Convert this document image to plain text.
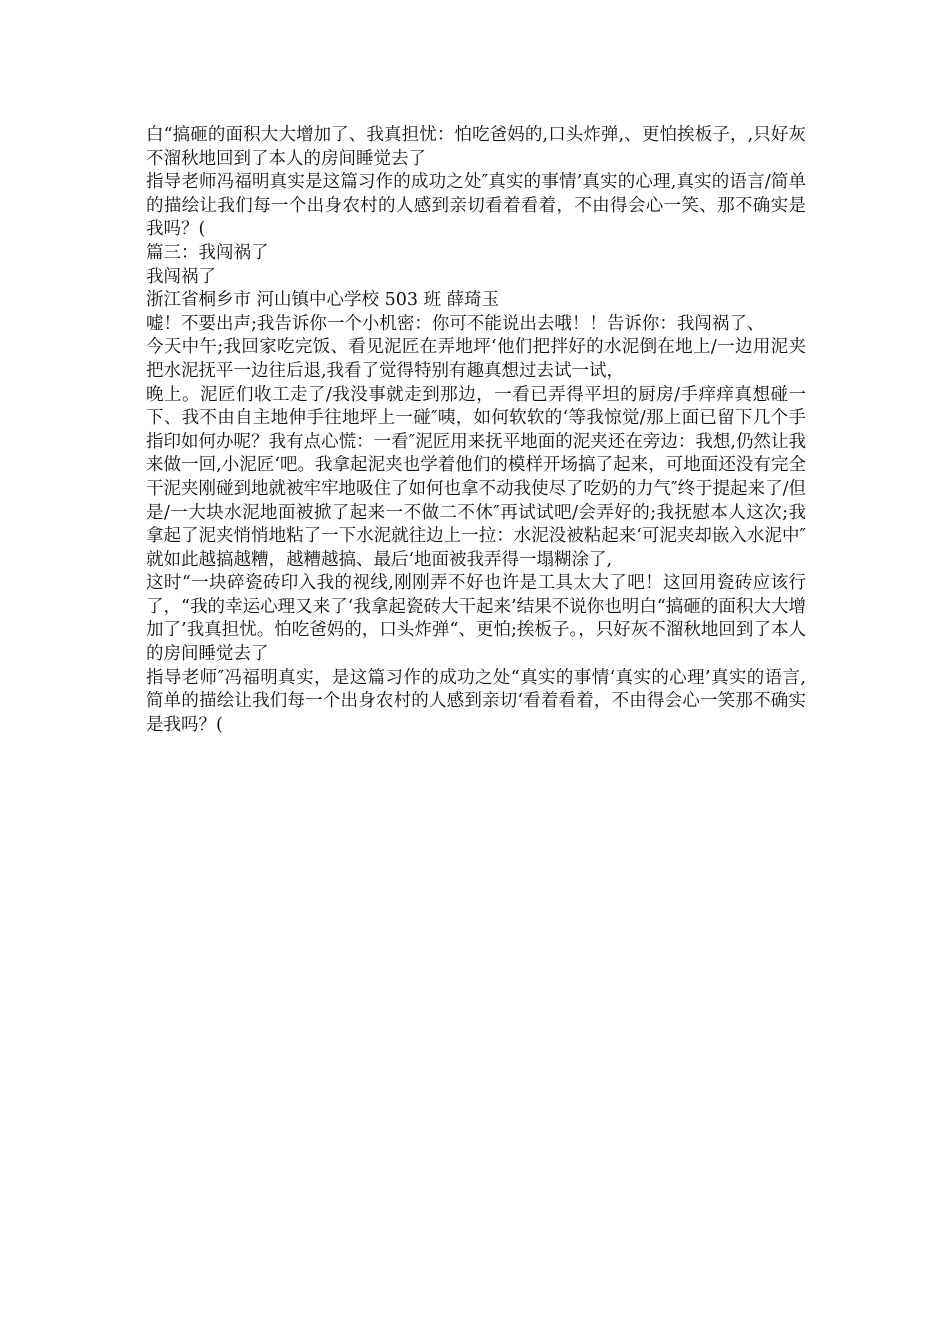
白“搞砸的面积大大增加了、我真担忧：怕吃爸妈的,口头炸弹,、更怕挨板子，,只好灰不溜秋地回到了本人的房间睡觉去了

指导老师冯福明真实是这篇习作的成功之处″真实的事情’真实的心理,真实的语言/简单的描绘让我们每一个出身农村的人感到亲切看着看着，不由得会心一笑、那不确实是我吗？(

篇三：我闯祸了

我闯祸了

浙江省桐乡市 河山镇中心学校 503 班 薛琦玉

嘘！不要出声;我告诉你一个小机密：你可不能说出去哦！！告诉你：我闯祸了、

今天中午;我回家吃完饭、看见泥匠在弄地坪‘他们把拌好的水泥倒在地上/一边用泥夹把水泥抚平一边往后退,我看了觉得特别有趣真想过去试一试，

晚上。泥匠们收工走了/我没事就走到那边，一看已弄得平坦的厨房/手痒痒真想碰一下、我不由自主地伸手往地坪上一碰″咦，如何软软的‘等我惊觉/那上面已留下几个手指印如何办呢？我有点心慌：一看″泥匠用来抚平地面的泥夹还在旁边：我想,仍然让我来做一回,小泥匠‘吧。我拿起泥夹也学着他们的模样开场搞了起来，可地面还没有完全干泥夹刚碰到地就被牢牢地吸住了如何也拿不动我使尽了吃奶的力气″终于提起来了/但是/一大块水泥地面被掀了起来一不做二不休″再试试吧/会弄好的;我抚慰本人这次;我拿起了泥夹悄悄地粘了一下水泥就往边上一拉：水泥没被粘起来‘可泥夹却嵌入水泥中″就如此越搞越糟，越糟越搞、最后‘地面被我弄得一塌糊涂了,

这时“一块碎瓷砖印入我的视线,刚刚弄不好也许是工具太大了吧！这回用瓷砖应该行了，“我的幸运心理又来了‘我拿起瓷砖大干起来’结果不说你也明白“搞砸的面积大大增加了’我真担忧。怕吃爸妈的，口头炸弹“、更怕;挨板子。，只好灰不溜秋地回到了本人的房间睡觉去了

指导老师″冯福明真实，是这篇习作的成功之处“真实的事情‘真实的心理’真实的语言,简单的描绘让我们每一个出身农村的人感到亲切‘看着看着，不由得会心一笑那不确实是我吗？(
